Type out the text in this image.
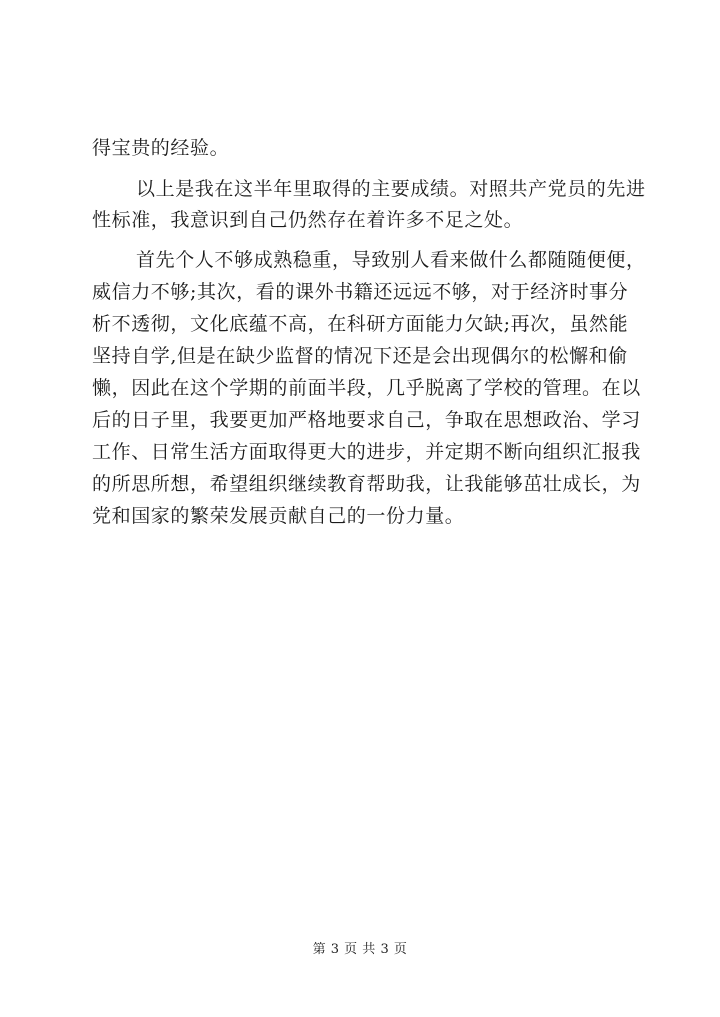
得宝贵的经验。
以上是我在这半年里取得的主要成绩。对照共产党员的先进
性标准，我意识到自己仍然存在着许多不足之处。
首先个人不够成熟稳重，导致别人看来做什么都随随便便，
威信力不够;其次，看的课外书籍还远远不够，对于经济时事分
析不透彻，文化底蕴不高，在科研方面能力欠缺;再次，虽然能
坚持自学,但是在缺少监督的情况下还是会出现偶尔的松懈和偷
懒，因此在这个学期的前面半段，几乎脱离了学校的管理。在以
后的日子里，我要更加严格地要求自己，争取在思想政治、学习
工作、日常生活方面取得更大的进步，并定期不断向组织汇报我
的所思所想，希望组织继续教育帮助我，让我能够茁壮成长，为
党和国家的繁荣发展贡献自己的一份力量。
第 3 页 共 3 页
